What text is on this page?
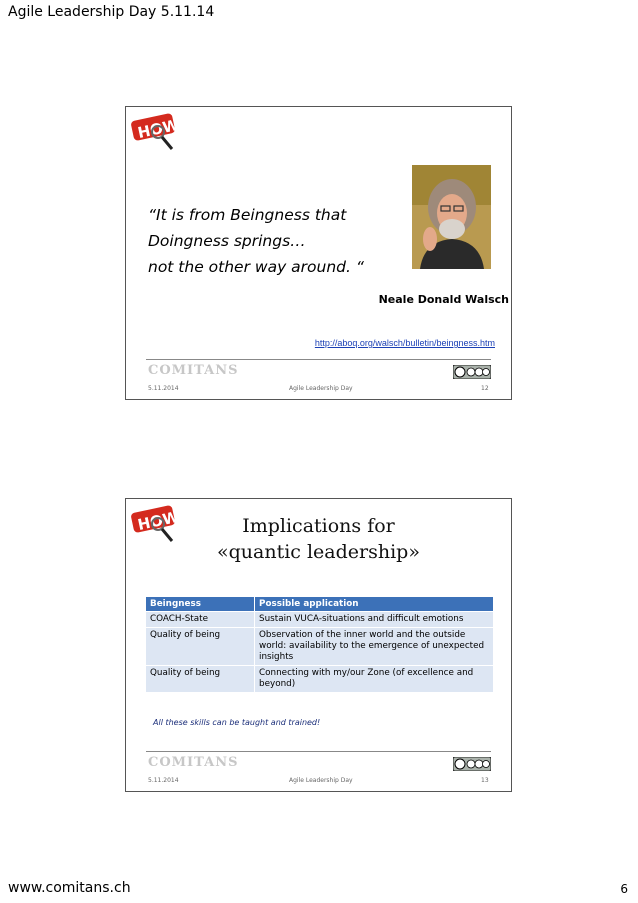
Agile Leadership Day 5.11.14
HOW
“It is from Beingness that
Doingness springs…
not the other way around. “
Neale Donald Walsch
http://aboq.org/walsch/bulletin/beingness.htm
COMITANS
5.11.2014	Agile Leadership Day	12
HOW	Implications for
«quantic leadership»
Beingness	Possible application
COACH-State	Sustain VUCA-situations and difficult emotions
Quality of being	Observation of the inner world and the outside world: availability to the emergence of unexpected insights
Quality of being	Connecting with my/our Zone (of excellence and beyond)
All these skills can be taught and trained!
COMITANS
5.11.2014	Agile Leadership Day	13
www.comitans.ch	6
